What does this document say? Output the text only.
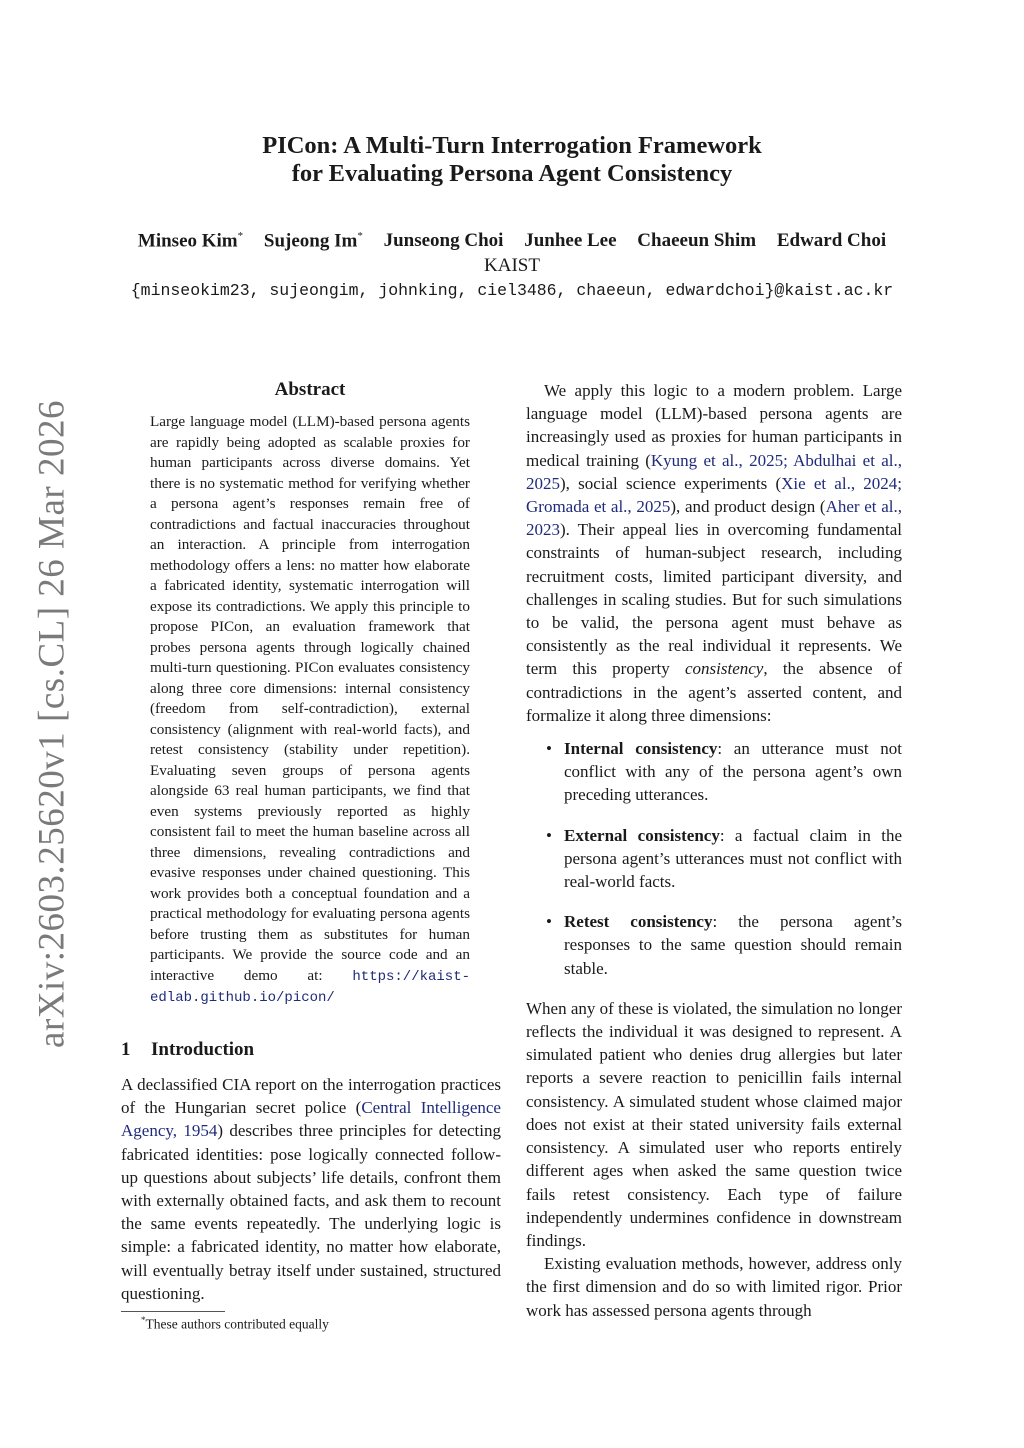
arXiv:2603.25620v1 [cs.CL] 26 Mar 2026
PICon: A Multi-Turn Interrogation Framework
for Evaluating Persona Agent Consistency
Minseo Kim* Sujeong Im* Junseong Choi Junhee Lee Chaeeun Shim Edward Choi
KAIST
{minseokim23, sujeongim, johnking, ciel3486, chaeeun, edwardchoi}@kaist.ac.kr
Abstract

Large language model (LLM)-based persona agents are rapidly being adopted as scalable proxies for human participants across diverse domains. Yet there is no systematic method for verifying whether a persona agent’s responses remain free of contradictions and factual inaccuracies throughout an interaction. A principle from interrogation methodology offers a lens: no matter how elaborate a fabricated identity, systematic interrogation will expose its contradictions. We apply this principle to propose PICon, an evaluation framework that probes persona agents through logically chained multi-turn questioning. PICon evaluates consistency along three core dimensions: internal consistency (freedom from self-contradiction), external consistency (alignment with real-world facts), and retest consistency (stability under repetition). Evaluating seven groups of persona agents alongside 63 real human participants, we find that even systems previously reported as highly consistent fail to meet the human baseline across all three dimensions, revealing contradictions and evasive responses under chained questioning. This work provides both a conceptual foundation and a practical methodology for evaluating persona agents before trusting them as substitutes for human participants. We provide the source code and an interactive demo at: https://kaist-edlab.github.io/picon/

1 Introduction

A declassified CIA report on the interrogation practices of the Hungarian secret police (Central Intelligence Agency, 1954) describes three principles for detecting fabricated identities: pose logically connected follow-up questions about subjects’ life details, confront them with externally obtained facts, and ask them to recount the same events repeatedly. The underlying logic is simple: a fabricated identity, no matter how elaborate, will eventually betray itself under sustained, structured questioning.

*These authors contributed equally

We apply this logic to a modern problem. Large language model (LLM)-based persona agents are increasingly used as proxies for human participants in medical training (Kyung et al., 2025; Abdulhai et al., 2025), social science experiments (Xie et al., 2024; Gromada et al., 2025), and product design (Aher et al., 2023). Their appeal lies in overcoming fundamental constraints of human-subject research, including recruitment costs, limited participant diversity, and challenges in scaling studies. But for such simulations to be valid, the persona agent must behave as consistently as the real individual it represents. We term this property consistency, the absence of contradictions in the agent’s asserted content, and formalize it along three dimensions:

• Internal consistency: an utterance must not conflict with any of the persona agent’s own preceding utterances.
• External consistency: a factual claim in the persona agent’s utterances must not conflict with real-world facts.
• Retest consistency: the persona agent’s responses to the same question should remain stable.

When any of these is violated, the simulation no longer reflects the individual it was designed to represent. A simulated patient who denies drug allergies but later reports a severe reaction to penicillin fails internal consistency. A simulated student whose claimed major does not exist at their stated university fails external consistency. A simulated user who reports entirely different ages when asked the same question twice fails retest consistency. Each type of failure independently undermines confidence in downstream findings.

Existing evaluation methods, however, address only the first dimension and do so with limited rigor. Prior work has assessed persona agents through
